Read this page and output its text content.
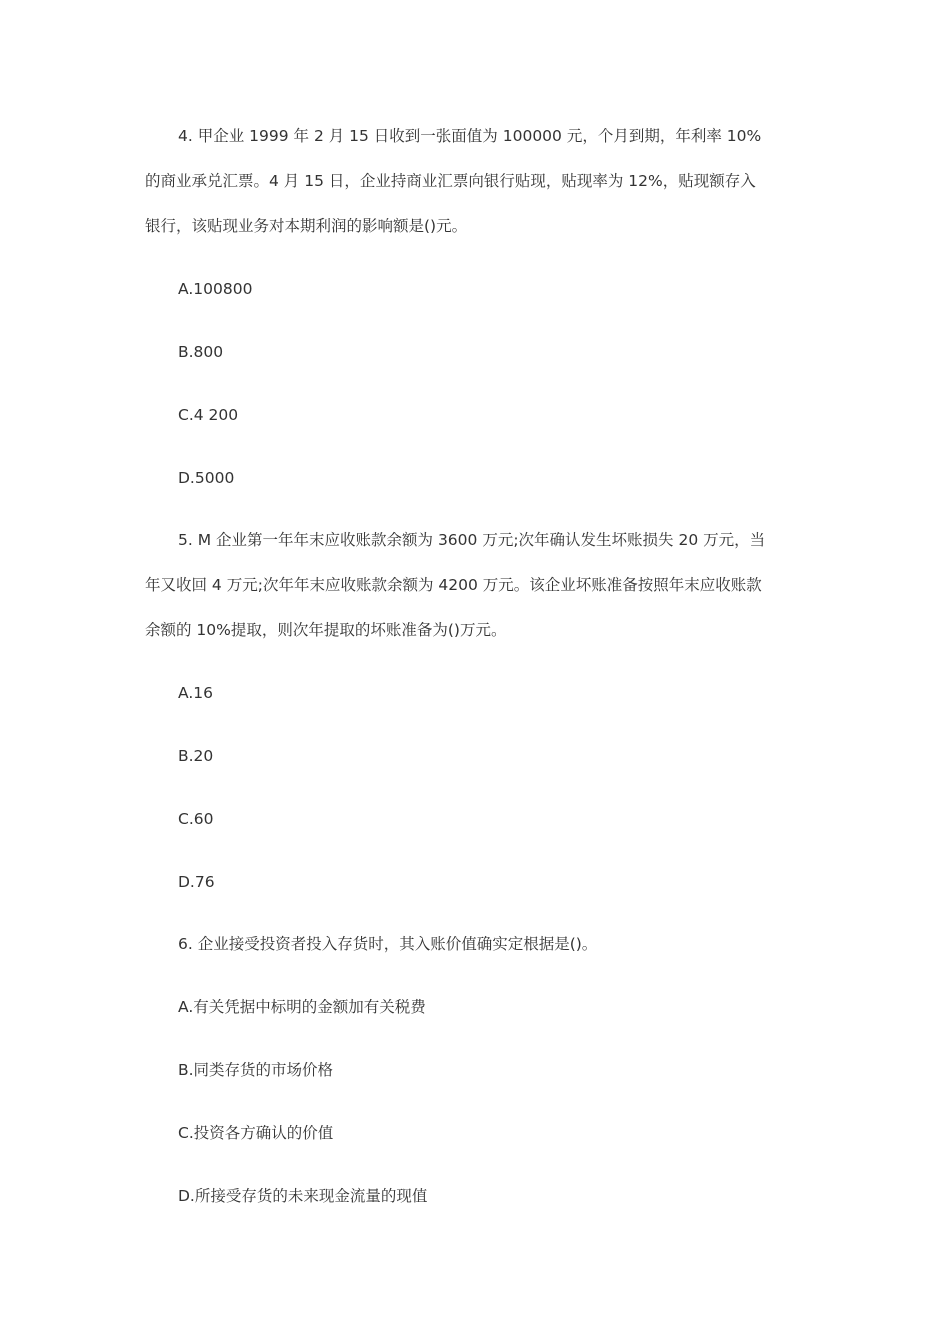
4. 甲企业 1999 年 2 月 15 日收到一张面值为 100000 元，个月到期，年利率 10%
的商业承兑汇票。4 月 15 日，企业持商业汇票向银行贴现，贴现率为 12%，贴现额存入
银行，该贴现业务对本期利润的影响额是()元。
A.100800
B.800
C.4 200
D.5000
5. M 企业第一年年末应收账款余额为 3600 万元;次年确认发生坏账损失 20 万元，当
年又收回 4 万元;次年年末应收账款余额为 4200 万元。该企业坏账准备按照年末应收账款
余额的 10%提取，则次年提取的坏账准备为()万元。
A.16
B.20
C.60
D.76
6. 企业接受投资者投入存货时，其入账价值确实定根据是()。
A.有关凭据中标明的金额加有关税费
B.同类存货的市场价格
C.投资各方确认的价值
D.所接受存货的未来现金流量的现值
